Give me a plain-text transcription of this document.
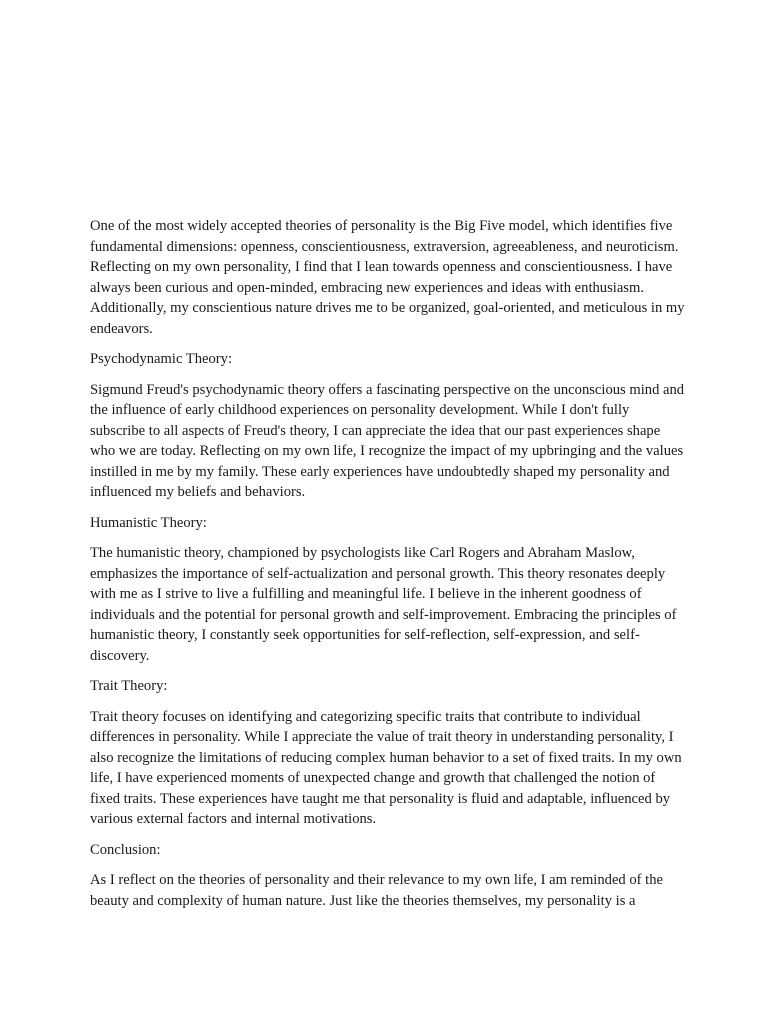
One of the most widely accepted theories of personality is the Big Five model, which identifies five fundamental dimensions: openness, conscientiousness, extraversion, agreeableness, and neuroticism. Reflecting on my own personality, I find that I lean towards openness and conscientiousness. I have always been curious and open-minded, embracing new experiences and ideas with enthusiasm. Additionally, my conscientious nature drives me to be organized, goal-oriented, and meticulous in my endeavors.

Psychodynamic Theory:

Sigmund Freud's psychodynamic theory offers a fascinating perspective on the unconscious mind and the influence of early childhood experiences on personality development. While I don't fully subscribe to all aspects of Freud's theory, I can appreciate the idea that our past experiences shape who we are today. Reflecting on my own life, I recognize the impact of my upbringing and the values instilled in me by my family. These early experiences have undoubtedly shaped my personality and influenced my beliefs and behaviors.

Humanistic Theory:

The humanistic theory, championed by psychologists like Carl Rogers and Abraham Maslow, emphasizes the importance of self-actualization and personal growth. This theory resonates deeply with me as I strive to live a fulfilling and meaningful life. I believe in the inherent goodness of individuals and the potential for personal growth and self-improvement. Embracing the principles of humanistic theory, I constantly seek opportunities for self-reflection, self-expression, and self-discovery.

Trait Theory:

Trait theory focuses on identifying and categorizing specific traits that contribute to individual differences in personality. While I appreciate the value of trait theory in understanding personality, I also recognize the limitations of reducing complex human behavior to a set of fixed traits. In my own life, I have experienced moments of unexpected change and growth that challenged the notion of fixed traits. These experiences have taught me that personality is fluid and adaptable, influenced by various external factors and internal motivations.

Conclusion:

As I reflect on the theories of personality and their relevance to my own life, I am reminded of the beauty and complexity of human nature. Just like the theories themselves, my personality is a
